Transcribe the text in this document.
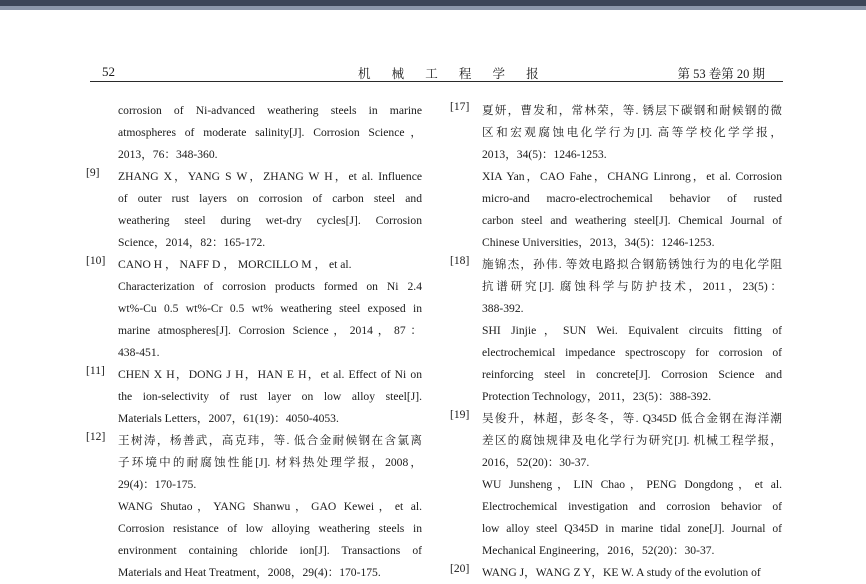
52	机 械 工 程 学 报	第 53 卷第 20 期
corrosion of Ni-advanced weathering steels in marine
atmospheres of moderate salinity[J]. Corrosion Science，
2013，76：348-360.
[9]	ZHANG X，YANG S W，ZHANG W H，et al. Influence
of outer rust layers on corrosion of carbon steel and
weathering steel during wet-dry cycles[J]. Corrosion
Science，2014，82：165-172.
[10]	CANO H ， NAFF D ， MORCILLO M ， et al.
Characterization of corrosion products formed on Ni 2.4
wt%-Cu 0.5 wt%-Cr 0.5 wt% weathering steel exposed in
marine atmospheres[J]. Corrosion Science，2014，87：
438-451.
[11]	CHEN X H，DONG J H，HAN E H，et al. Effect of Ni on
the ion-selectivity of rust layer on low alloy steel[J].
Materials Letters，2007，61(19)：4050-4053.
[12]	王树涛，杨善武，高克玮，等. 低合金耐候钢在含氯离
子环境中的耐腐蚀性能[J]. 材料热处理学报，2008，
29(4)：170-175.
WANG Shutao，YANG Shanwu，GAO Kewei，et al.
Corrosion resistance of low alloying weathering steels in
environment containing chloride ion[J]. Transactions of
Materials and Heat Treatment，2008，29(4)：170-175.
[17]	夏妍，曹发和，常林荣，等. 锈层下碳钢和耐候钢的微
区和宏观腐蚀电化学行为[J]. 高等学校化学学报，
2013，34(5)：1246-1253.
XIA Yan，CAO Fahe，CHANG Linrong，et al. Corrosion
micro-and macro-electrochemical behavior of rusted
carbon steel and weathering steel[J]. Chemical Journal of
Chinese Universities，2013，34(5)：1246-1253.
[18]	施锦杰，孙伟. 等效电路拟合钢筋锈蚀行为的电化学阻
抗谱研究[J]. 腐蚀科学与防护技术，2011，23(5)：
388-392.
SHI Jinjie，SUN Wei. Equivalent circuits fitting of
electrochemical impedance spectroscopy for corrosion of
reinforcing steel in concrete[J]. Corrosion Science and
Protection Technology，2011，23(5)：388-392.
[19]	吴俊升，林超，彭冬冬，等. Q345D 低合金钢在海洋潮
差区的腐蚀规律及电化学行为研究[J]. 机械工程学报，
2016，52(20)：30-37.
WU Junsheng，LIN Chao，PENG Dongdong，et al.
Electrochemical investigation and corrosion behavior of
low alloy steel Q345D in marine tidal zone[J]. Journal of
Mechanical Engineering，2016，52(20)：30-37.
[20]	WANG J，WANG Z Y，KE W. A study of the evolution of
